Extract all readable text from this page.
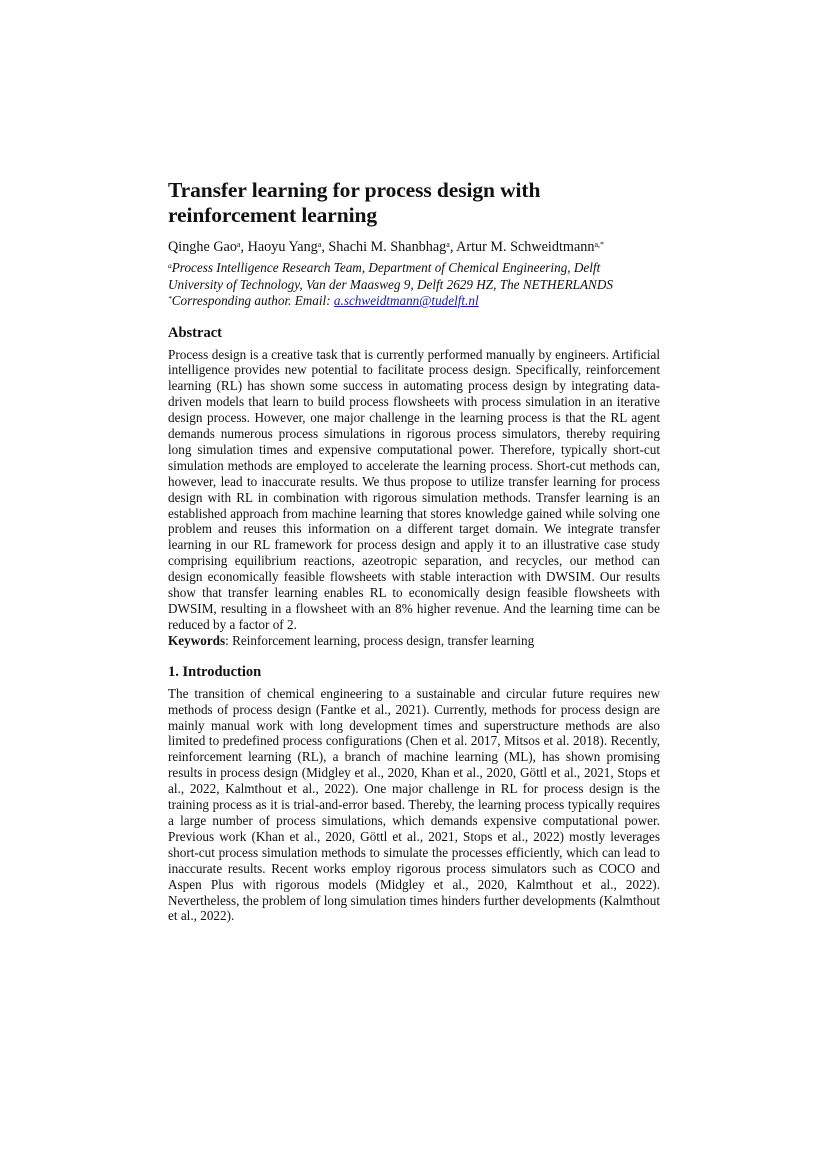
Transfer learning for process design with
reinforcement learning
Qinghe Gao$^a$, Haoyu Yang$^a$, Shachi M. Shanbhag$^a$, Artur M. Schweidtmann$^{a,*}$
$^a$Process Intelligence Research Team, Department of Chemical Engineering, Delft
University of Technology, Van der Maasweg 9, Delft 2629 HZ, The NETHERLANDS
*Corresponding author. Email: a.schweidtmann@tudelft.nl
Abstract

Process design is a creative task that is currently performed manually by engineers. Artificial intelligence provides new potential to facilitate process design. Specifically, reinforcement learning (RL) has shown some success in automating process design by integrating data-driven models that learn to build process flowsheets with process simulation in an iterative design process. However, one major challenge in the learning process is that the RL agent demands numerous process simulations in rigorous process simulators, thereby requiring long simulation times and expensive computational power. Therefore, typically short-cut simulation methods are employed to accelerate the learning process. Short-cut methods can, however, lead to inaccurate results. We thus propose to utilize transfer learning for process design with RL in combination with rigorous simulation methods. Transfer learning is an established approach from machine learning that stores knowledge gained while solving one problem and reuses this information on a different target domain. We integrate transfer learning in our RL framework for process design and apply it to an illustrative case study comprising equilibrium reactions, azeotropic separation, and recycles, our method can design economically feasible flowsheets with stable interaction with DWSIM. Our results show that transfer learning enables RL to economically design feasible flowsheets with DWSIM, resulting in a flowsheet with an 8% higher revenue. And the learning time can be reduced by a factor of 2.

Keywords: Reinforcement learning, process design, transfer learning

1. Introduction

The transition of chemical engineering to a sustainable and circular future requires new methods of process design (Fantke et al., 2021). Currently, methods for process design are mainly manual work with long development times and superstructure methods are also limited to predefined process configurations (Chen et al. 2017, Mitsos et al. 2018). Recently, reinforcement learning (RL), a branch of machine learning (ML), has shown promising results in process design (Midgley et al., 2020, Khan et al., 2020, Göttl et al., 2021, Stops et al., 2022, Kalmthout et al., 2022). One major challenge in RL for process design is the training process as it is trial-and-error based. Thereby, the learning process typically requires a large number of process simulations, which demands expensive computational power. Previous work (Khan et al., 2020, Göttl et al., 2021, Stops et al., 2022) mostly leverages short-cut process simulation methods to simulate the processes efficiently, which can lead to inaccurate results. Recent works employ rigorous process simulators such as COCO and Aspen Plus with rigorous models (Midgley et al., 2020, Kalmthout et al., 2022). Nevertheless, the problem of long simulation times hinders further developments (Kalmthout et al., 2022).
